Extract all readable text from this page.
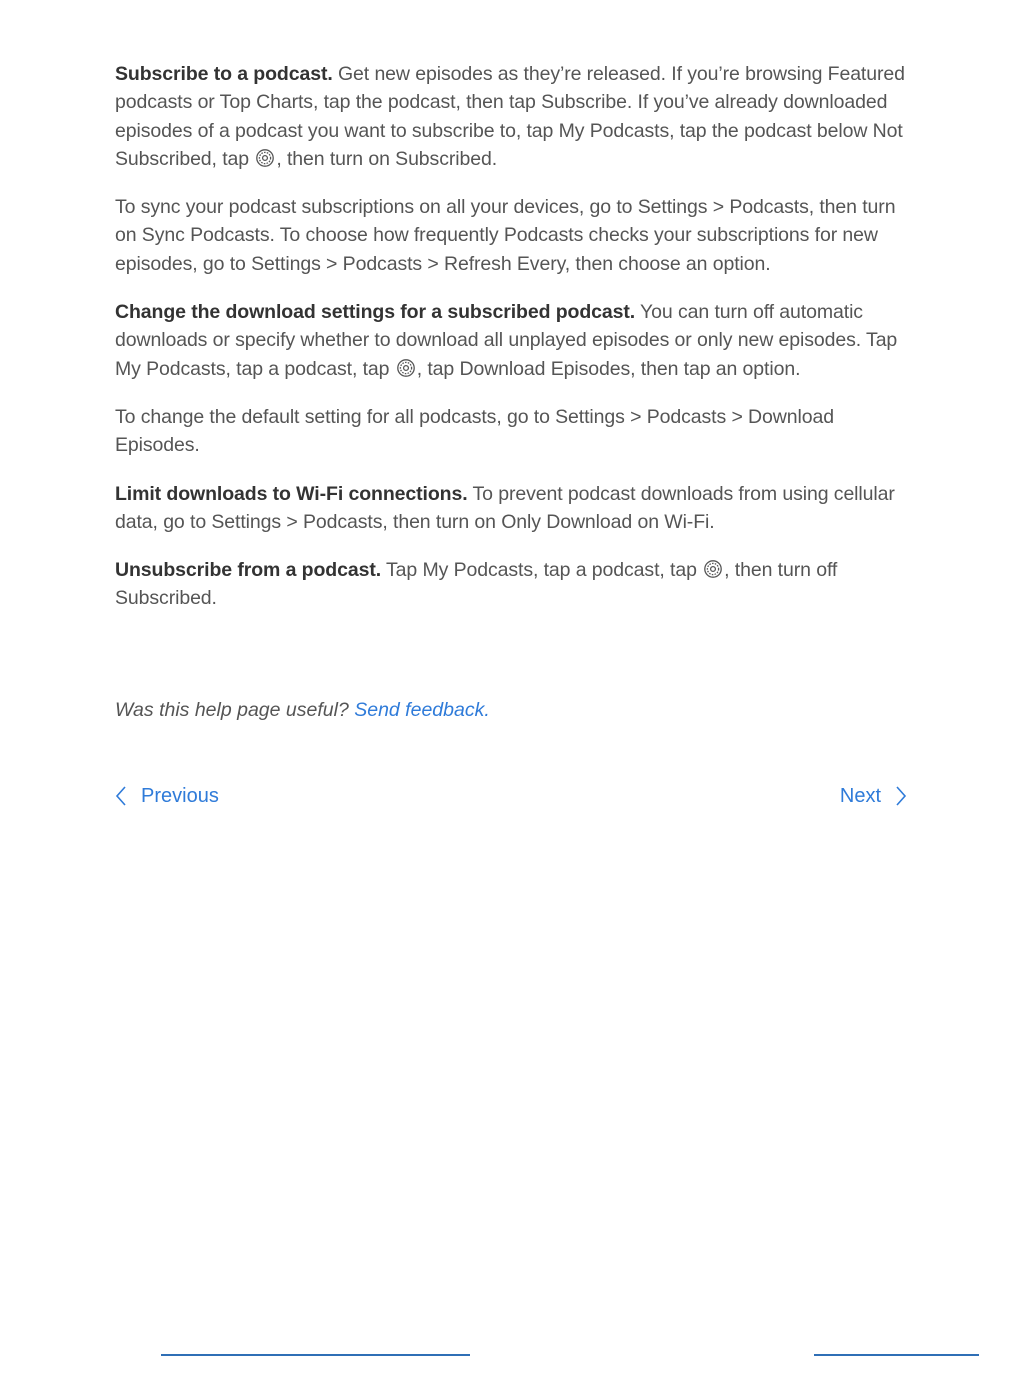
Subscribe to a podcast. Get new episodes as they’re released. If you’re browsing Featured podcasts or Top Charts, tap the podcast, then tap Subscribe. If you’ve already downloaded episodes of a podcast you want to subscribe to, tap My Podcasts, tap the podcast below Not Subscribed, tap , then turn on Subscribed.

To sync your podcast subscriptions on all your devices, go to Settings > Podcasts, then turn on Sync Podcasts. To choose how frequently Podcasts checks your subscriptions for new episodes, go to Settings > Podcasts > Refresh Every, then choose an option.

Change the download settings for a subscribed podcast. You can turn off automatic downloads or specify whether to download all unplayed episodes or only new episodes. Tap My Podcasts, tap a podcast, tap , tap Download Episodes, then tap an option.

To change the default setting for all podcasts, go to Settings > Podcasts > Download Episodes.

Limit downloads to Wi-Fi connections. To prevent podcast downloads from using cellular data, go to Settings > Podcasts, then turn on Only Download on Wi-Fi.

Unsubscribe from a podcast. Tap My Podcasts, tap a podcast, tap , then turn off Subscribed.

Was this help page useful? Send feedback.
Previous	Next
